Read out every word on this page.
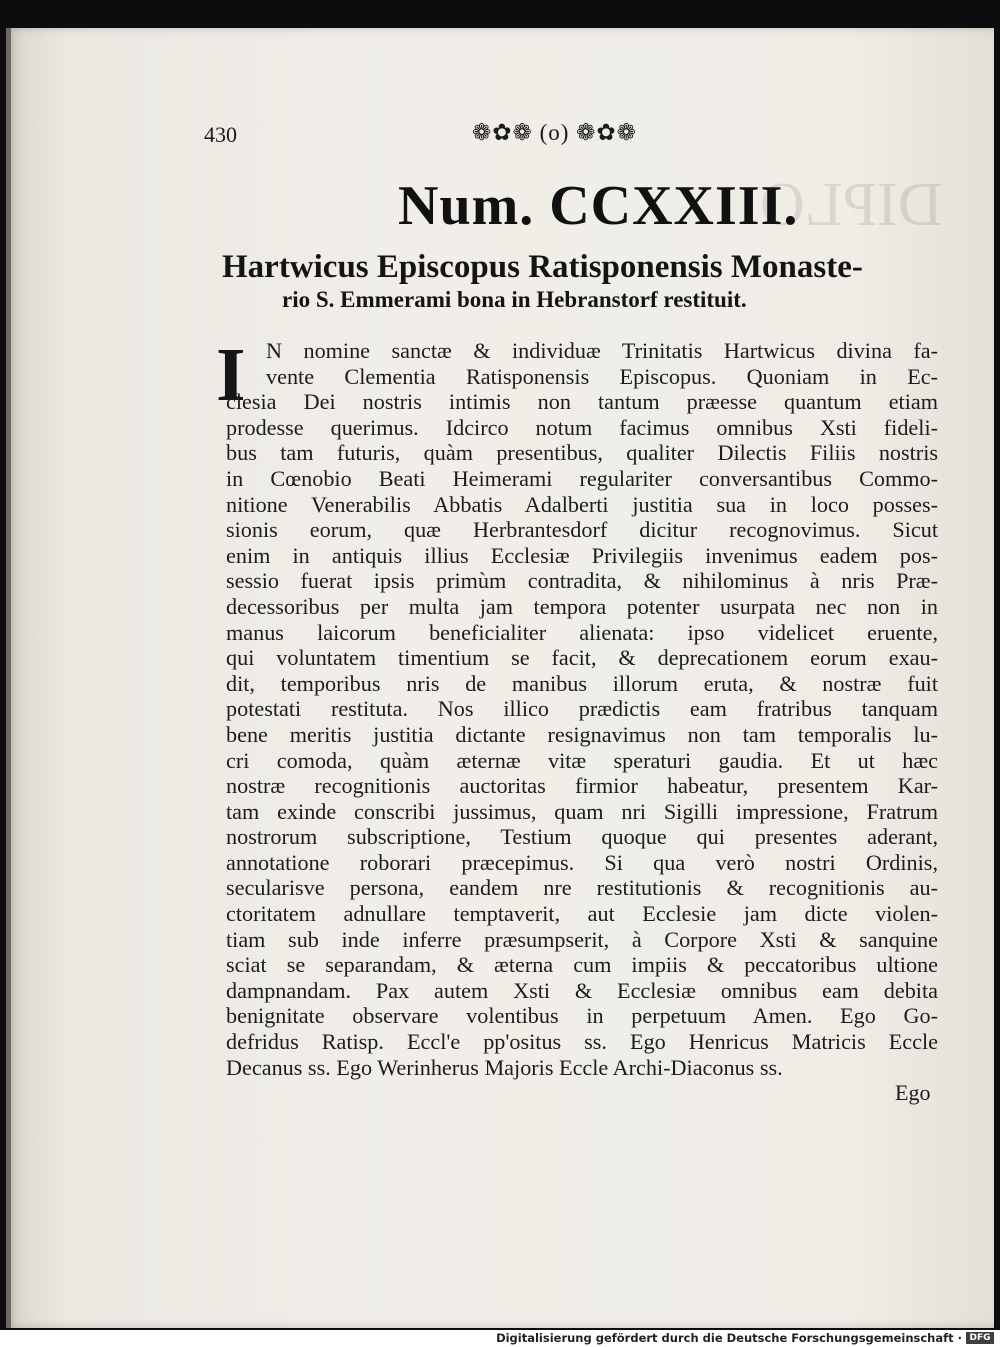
DIPLO
430	❁✿❁ (o) ❁✿❁
Num. CCXXIII.
Hartwicus Episcopus Ratisponensis Monaste-
rio S. Emmerami bona in Hebranstorf restituit.
I N nomine sanctæ & individuæ Trinitatis Hartwicus divina fa-
vente Clementia Ratisponensis Episcopus. Quoniam in Ec-
clesia Dei nostris intimis non tantum præesse quantum etiam
prodesse querimus. Idcirco notum facimus omnibus Xsti fideli-
bus tam futuris, quàm presentibus, qualiter Dilectis Filiis nostris
in Cœnobio Beati Heimerami regulariter conversantibus Commo-
nitione Venerabilis Abbatis Adalberti justitia sua in loco posses-
sionis eorum, quæ Herbrantesdorf dicitur recognovimus. Sicut
enim in antiquis illius Ecclesiæ Privilegiis invenimus eadem pos-
sessio fuerat ipsis primùm contradita, & nihilominus à nris Præ-
decessoribus per multa jam tempora potenter usurpata nec non in
manus laicorum beneficialiter alienata: ipso videlicet eruente,
qui voluntatem timentium se facit, & deprecationem eorum exau-
dit, temporibus nris de manibus illorum eruta, & nostræ fuit
potestati restituta. Nos illico prædictis eam fratribus tanquam
bene meritis justitia dictante resignavimus non tam temporalis lu-
cri comoda, quàm æternæ vitæ speraturi gaudia. Et ut hæc
nostræ recognitionis auctoritas firmior habeatur, presentem Kar-
tam exinde conscribi jussimus, quam nri Sigilli impressione, Fratrum
nostrorum subscriptione, Testium quoque qui presentes aderant,
annotatione roborari præcepimus. Si qua verò nostri Ordinis,
secularisve persona, eandem nre restitutionis & recognitionis au-
ctoritatem adnullare temptaverit, aut Ecclesie jam dicte violen-
tiam sub inde inferre præsumpserit, à Corpore Xsti & sanquine
sciat se separandam, & æterna cum impiis & peccatoribus ultione
dampnandam. Pax autem Xsti & Ecclesiæ omnibus eam debita
benignitate observare volentibus in perpetuum Amen. Ego Go-
defridus Ratisp. Eccl'e pp'ositus ss. Ego Henricus Matricis Eccle
Decanus ss. Ego Werinherus Majoris Eccle Archi-Diaconus ss.
Ego
Digitalisierung gefördert durch die Deutsche Forschungsgemeinschaft · DFG
